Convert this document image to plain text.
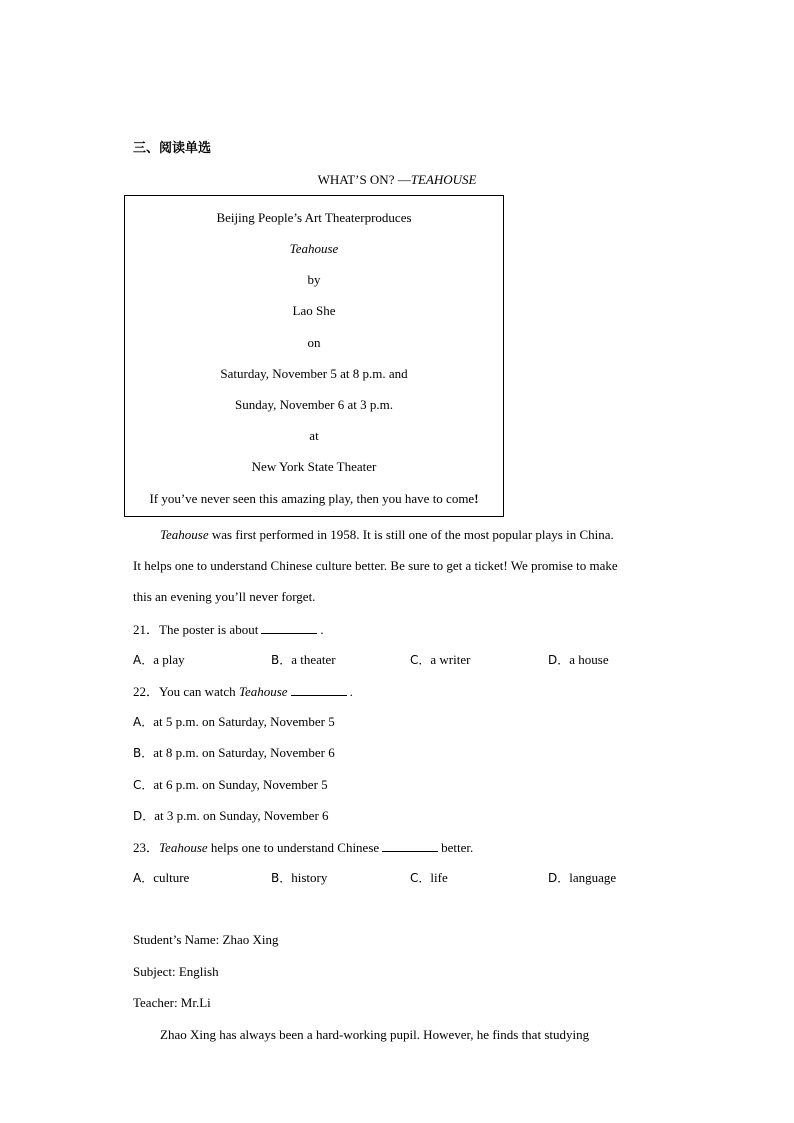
三、阅读单选
WHAT’S ON? —TEAHOUSE
Beijing People’s Art Theaterproduces
Teahouse
by
Lao She
on
Saturday, November 5 at 8 p.m. and
Sunday, November 6 at 3 p.m.
at
New York State Theater
If you’ve never seen this amazing play, then you have to come!
Teahouse was first performed in 1958. It is still one of the most popular plays in China.
It helps one to understand Chinese culture better. Be sure to get a ticket! We promise to make
this an evening you’ll never forget.
21．The poster is about	.
A．a play	B．a theater	C．a writer	D．a house
22．You can watch Teahouse	.
A．at 5 p.m. on Saturday, November 5
B．at 8 p.m. on Saturday, November 6
C．at 6 p.m. on Sunday, November 5
D．at 3 p.m. on Sunday, November 6
23．Teahouse helps one to understand Chinese	better.
A．culture	B．history	C．life	D．language
Student’s Name: Zhao Xing
Subject: English
Teacher: Mr.Li
Zhao Xing has always been a hard-working pupil. However, he finds that studying
